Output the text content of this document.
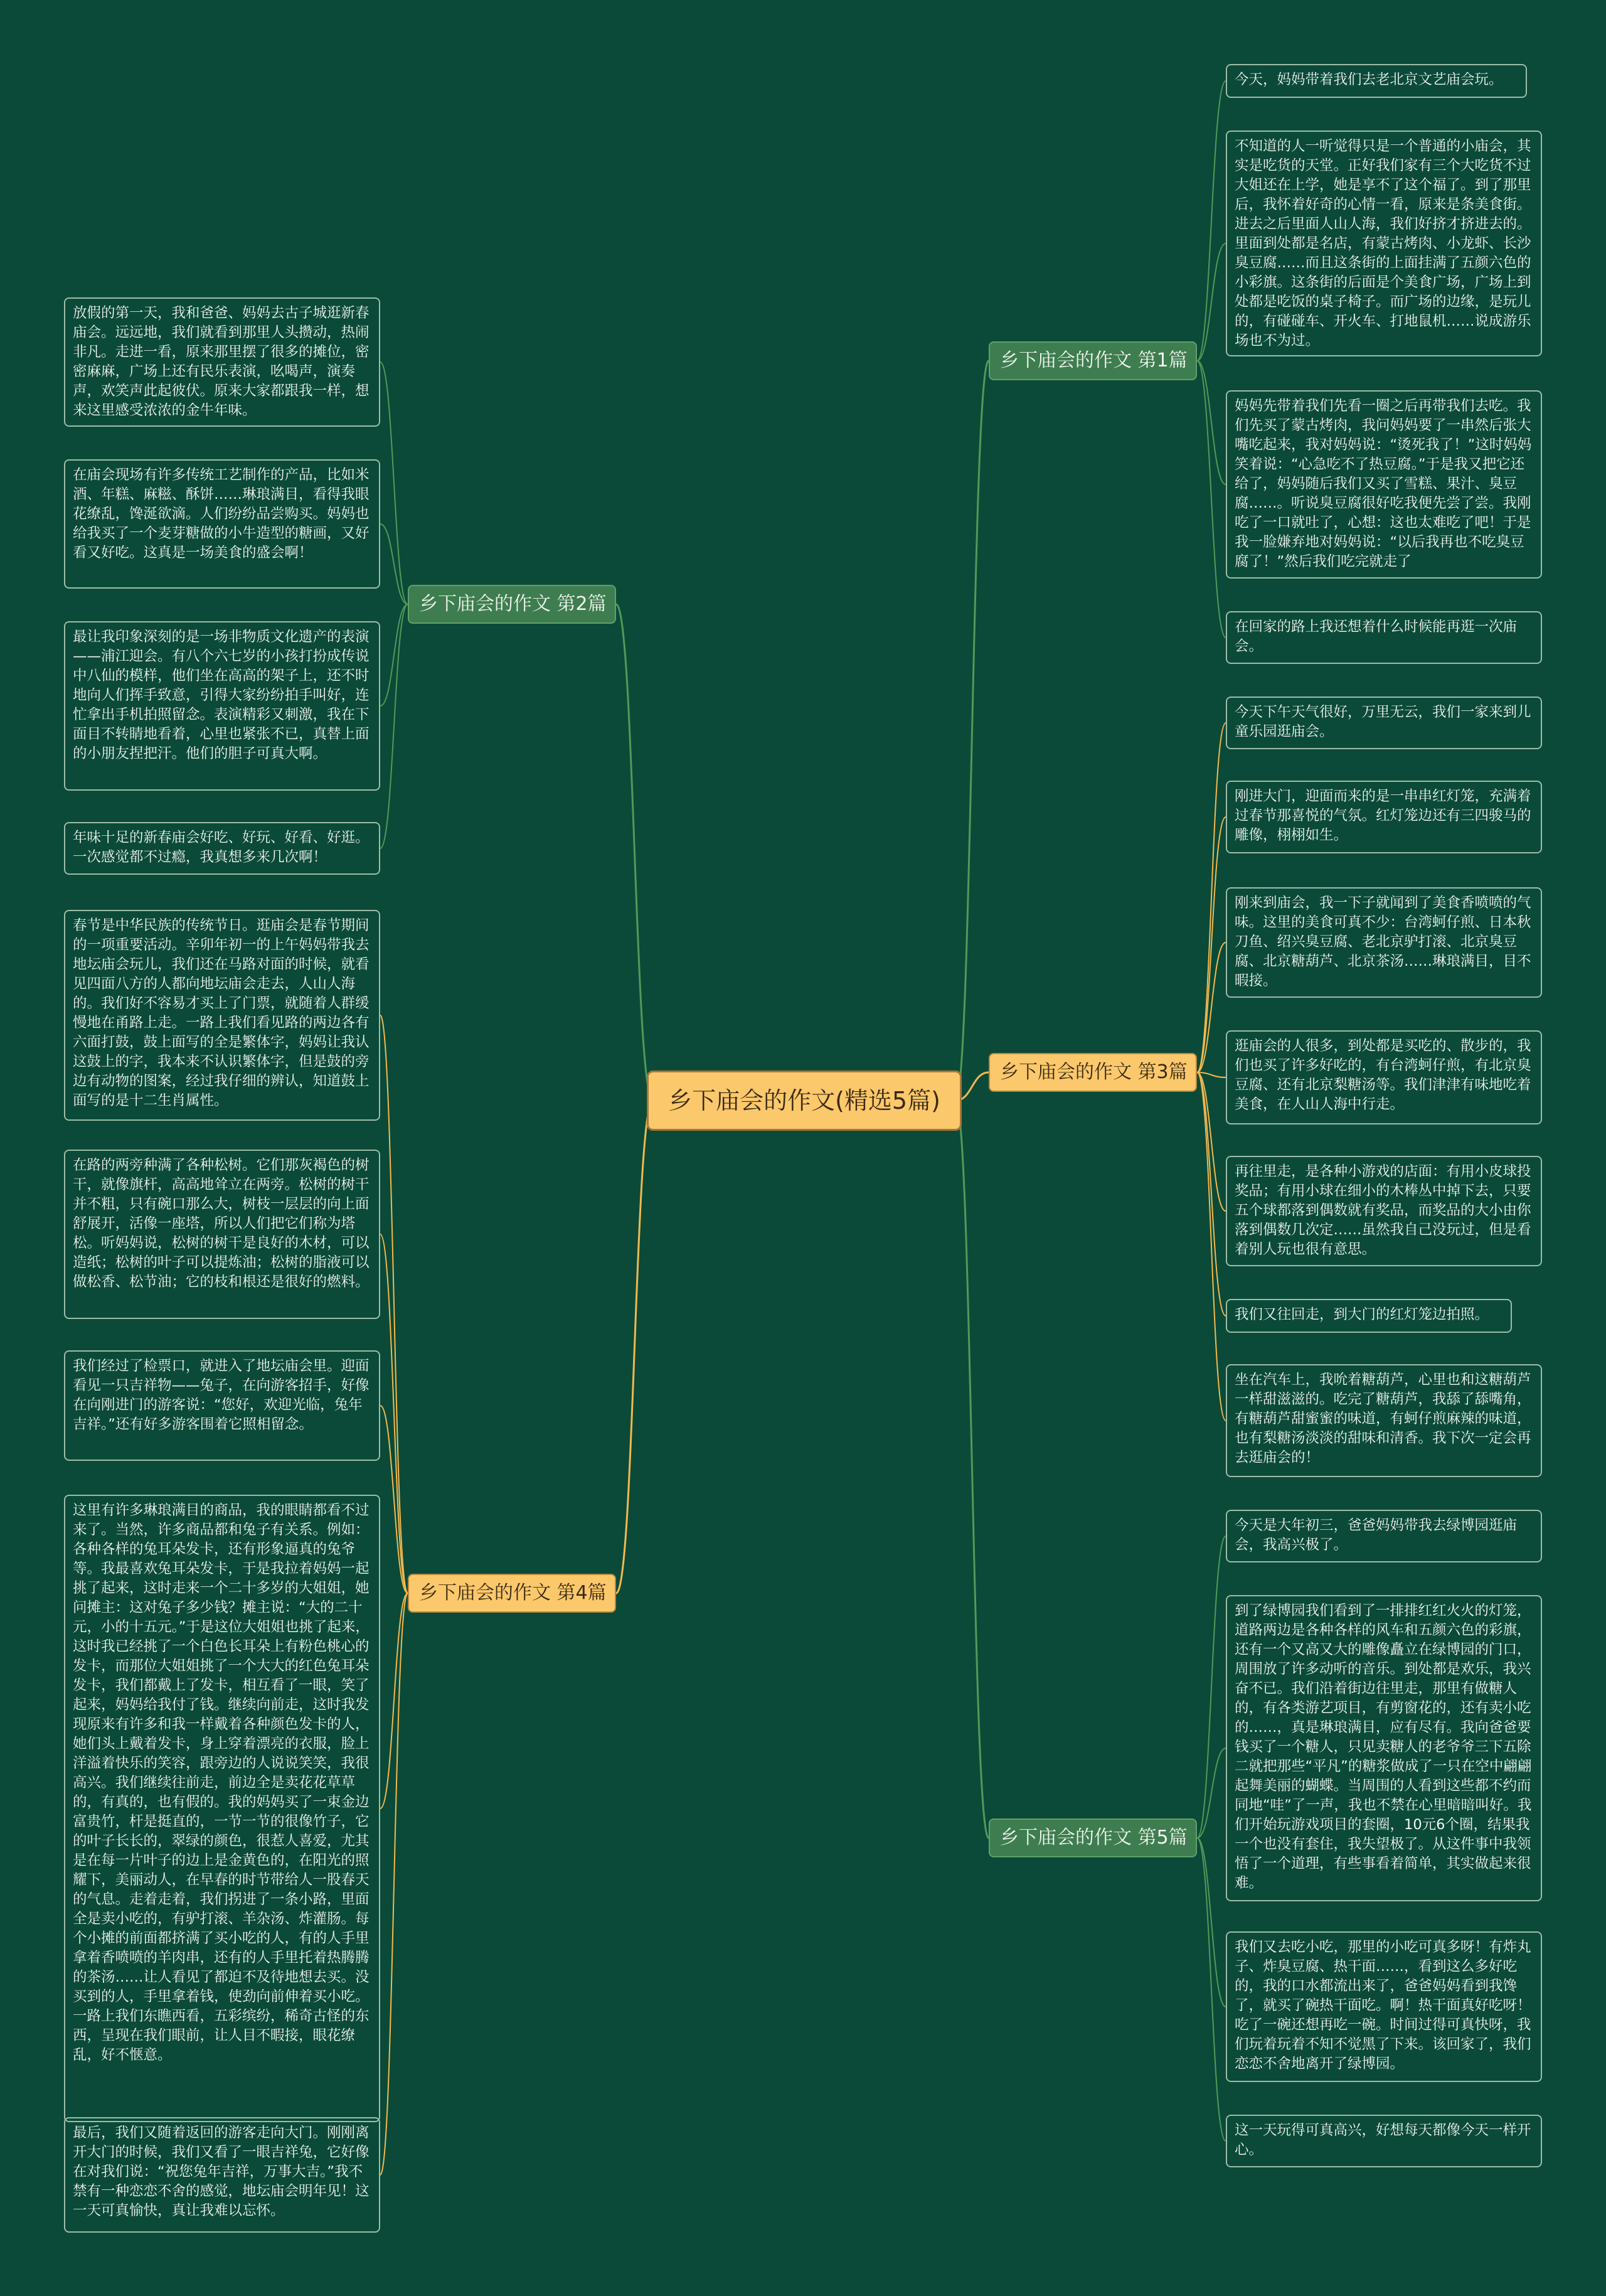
乡下庙会的作文(精选5篇)
乡下庙会的作文 第1篇
乡下庙会的作文 第2篇
乡下庙会的作文 第3篇
乡下庙会的作文 第4篇
乡下庙会的作文 第5篇
今天，妈妈带着我们去老北京文艺庙会玩。
不知道的人一听觉得只是一个普通的小庙会，其实是吃货的天堂。正好我们家有三个大吃货不过大姐还在上学，她是享不了这个福了。到了那里后，我怀着好奇的心情一看，原来是条美食街。进去之后里面人山人海，我们好挤才挤进去的。里面到处都是名店，有蒙古烤肉、小龙虾、长沙臭豆腐……而且这条街的上面挂满了五颜六色的小彩旗。这条街的后面是个美食广场，广场上到处都是吃饭的桌子椅子。而广场的边缘，是玩儿的，有碰碰车、开火车、打地鼠机……说成游乐场也不为过。
妈妈先带着我们先看一圈之后再带我们去吃。我们先买了蒙古烤肉，我问妈妈要了一串然后张大嘴吃起来，我对妈妈说：“烫死我了！”这时妈妈笑着说：“心急吃不了热豆腐。”于是我又把它还给了，妈妈随后我们又买了雪糕、果汁、臭豆腐……。听说臭豆腐很好吃我便先尝了尝。我刚吃了一口就吐了，心想：这也太难吃了吧！于是我一脸嫌弃地对妈妈说：“以后我再也不吃臭豆腐了！”然后我们吃完就走了
在回家的路上我还想着什么时候能再逛一次庙会。
放假的第一天，我和爸爸、妈妈去古子城逛新春庙会。远远地，我们就看到那里人头攒动，热闹非凡。走进一看，原来那里摆了很多的摊位，密密麻麻，广场上还有民乐表演，吆喝声，演奏声，欢笑声此起彼伏。原来大家都跟我一样，想来这里感受浓浓的金牛年味。
在庙会现场有许多传统工艺制作的产品，比如米酒、年糕、麻糍、酥饼……琳琅满目，看得我眼花缭乱，馋涎欲滴。人们纷纷品尝购买。妈妈也给我买了一个麦芽糖做的小牛造型的糖画，又好看又好吃。这真是一场美食的盛会啊！
最让我印象深刻的是一场非物质文化遗产的表演——浦江迎会。有八个六七岁的小孩打扮成传说中八仙的模样，他们坐在高高的架子上，还不时地向人们挥手致意，引得大家纷纷拍手叫好，连忙拿出手机拍照留念。表演精彩又刺激，我在下面目不转睛地看着，心里也紧张不已，真替上面的小朋友捏把汗。他们的胆子可真大啊。
年味十足的新春庙会好吃、好玩、好看、好逛。一次感觉都不过瘾，我真想多来几次啊！
今天下午天气很好，万里无云，我们一家来到儿童乐园逛庙会。
刚进大门，迎面而来的是一串串红灯笼，充满着过春节那喜悦的气氛。红灯笼边还有三四骏马的雕像，栩栩如生。
刚来到庙会，我一下子就闻到了美食香喷喷的气味。这里的美食可真不少：台湾蚵仔煎、日本秋刀鱼、绍兴臭豆腐、老北京驴打滚、北京臭豆腐、北京糖葫芦、北京茶汤……琳琅满目，目不暇接。
逛庙会的人很多，到处都是买吃的、散步的，我们也买了许多好吃的，有台湾蚵仔煎，有北京臭豆腐、还有北京梨糖汤等。我们津津有味地吃着美食，在人山人海中行走。
再往里走，是各种小游戏的店面：有用小皮球投奖品；有用小球在细小的木棒丛中掉下去，只要五个球都落到偶数就有奖品，而奖品的大小由你落到偶数几次定……虽然我自己没玩过，但是看着别人玩也很有意思。
我们又往回走，到大门的红灯笼边拍照。
坐在汽车上，我吮着糖葫芦，心里也和这糖葫芦一样甜滋滋的。吃完了糖葫芦，我舔了舔嘴角，有糖葫芦甜蜜蜜的味道，有蚵仔煎麻辣的味道，也有梨糖汤淡淡的甜味和清香。我下次一定会再去逛庙会的！
春节是中华民族的传统节日。逛庙会是春节期间的一项重要活动。辛卯年初一的上午妈妈带我去地坛庙会玩儿，我们还在马路对面的时候，就看见四面八方的人都向地坛庙会走去，人山人海的。我们好不容易才买上了门票，就随着人群缓慢地在甬路上走。一路上我们看见路的两边各有六面打鼓，鼓上面写的全是繁体字，妈妈让我认这鼓上的字，我本来不认识繁体字，但是鼓的旁边有动物的图案，经过我仔细的辨认，知道鼓上面写的是十二生肖属性。
在路的两旁种满了各种松树。它们那灰褐色的树干，就像旗杆，高高地耸立在两旁。松树的树干并不粗，只有碗口那么大，树枝一层层的向上面舒展开，活像一座塔，所以人们把它们称为塔松。听妈妈说，松树的树干是良好的木材，可以造纸；松树的叶子可以提炼油；松树的脂液可以做松香、松节油；它的枝和根还是很好的燃料。
我们经过了检票口，就进入了地坛庙会里。迎面看见一只吉祥物——兔子，在向游客招手，好像在向刚进门的游客说：“您好，欢迎光临，兔年吉祥。”还有好多游客围着它照相留念。
这里有许多琳琅满目的商品，我的眼睛都看不过来了。当然，许多商品都和兔子有关系。例如：各种各样的兔耳朵发卡，还有形象逼真的兔爷等。我最喜欢兔耳朵发卡，于是我拉着妈妈一起挑了起来，这时走来一个二十多岁的大姐姐，她问摊主：这对兔子多少钱？摊主说：“大的二十元，小的十五元。”于是这位大姐姐也挑了起来，这时我已经挑了一个白色长耳朵上有粉色桃心的发卡，而那位大姐姐挑了一个大大的红色兔耳朵发卡，我们都戴上了发卡，相互看了一眼，笑了起来，妈妈给我付了钱。继续向前走，这时我发现原来有许多和我一样戴着各种颜色发卡的人，她们头上戴着发卡，身上穿着漂亮的衣服，脸上洋溢着快乐的笑容，跟旁边的人说说笑笑，我很高兴。我们继续往前走，前边全是卖花花草草的，有真的，也有假的。我的妈妈买了一束金边富贵竹，杆是挺直的，一节一节的很像竹子，它的叶子长长的，翠绿的颜色，很惹人喜爱，尤其是在每一片叶子的边上是金黄色的，在阳光的照耀下，美丽动人，在早春的时节带给人一股春天的气息。走着走着，我们拐进了一条小路，里面全是卖小吃的，有驴打滚、羊杂汤、炸灌肠。每个小摊的前面都挤满了买小吃的人，有的人手里拿着香喷喷的羊肉串，还有的人手里托着热腾腾的茶汤……让人看见了都迫不及待地想去买。没买到的人，手里拿着钱，使劲向前伸着买小吃。一路上我们东瞧西看，五彩缤纷，稀奇古怪的东西，呈现在我们眼前，让人目不暇接，眼花缭乱，好不惬意。
最后，我们又随着返回的游客走向大门。刚刚离开大门的时候，我们又看了一眼吉祥兔，它好像在对我们说：“祝您兔年吉祥，万事大吉。”我不禁有一种恋恋不舍的感觉，地坛庙会明年见！这一天可真愉快，真让我难以忘怀。
今天是大年初三，爸爸妈妈带我去绿博园逛庙会，我高兴极了。
到了绿博园我们看到了一排排红红火火的灯笼，道路两边是各种各样的风车和五颜六色的彩旗，还有一个又高又大的雕像矗立在绿博园的门口，周围放了许多动听的音乐。到处都是欢乐，我兴奋不已。我们沿着街边往里走，那里有做糖人的，有各类游艺项目，有剪窗花的，还有卖小吃的……，真是琳琅满目，应有尽有。我向爸爸要钱买了一个糖人，只见卖糖人的老爷爷三下五除二就把那些“平凡”的糖浆做成了一只在空中翩翩起舞美丽的蝴蝶。当周围的人看到这些都不约而同地“哇”了一声，我也不禁在心里暗暗叫好。我们开始玩游戏项目的套圈，10元6个圈，结果我一个也没有套住，我失望极了。从这件事中我领悟了一个道理，有些事看着简单，其实做起来很难。
我们又去吃小吃，那里的小吃可真多呀！有炸丸子、炸臭豆腐、热干面……，看到这么多好吃的，我的口水都流出来了，爸爸妈妈看到我馋了，就买了碗热干面吃。啊！热干面真好吃呀！吃了一碗还想再吃一碗。时间过得可真快呀，我们玩着玩着不知不觉黑了下来。该回家了，我们恋恋不舍地离开了绿博园。
这一天玩得可真高兴，好想每天都像今天一样开心。
